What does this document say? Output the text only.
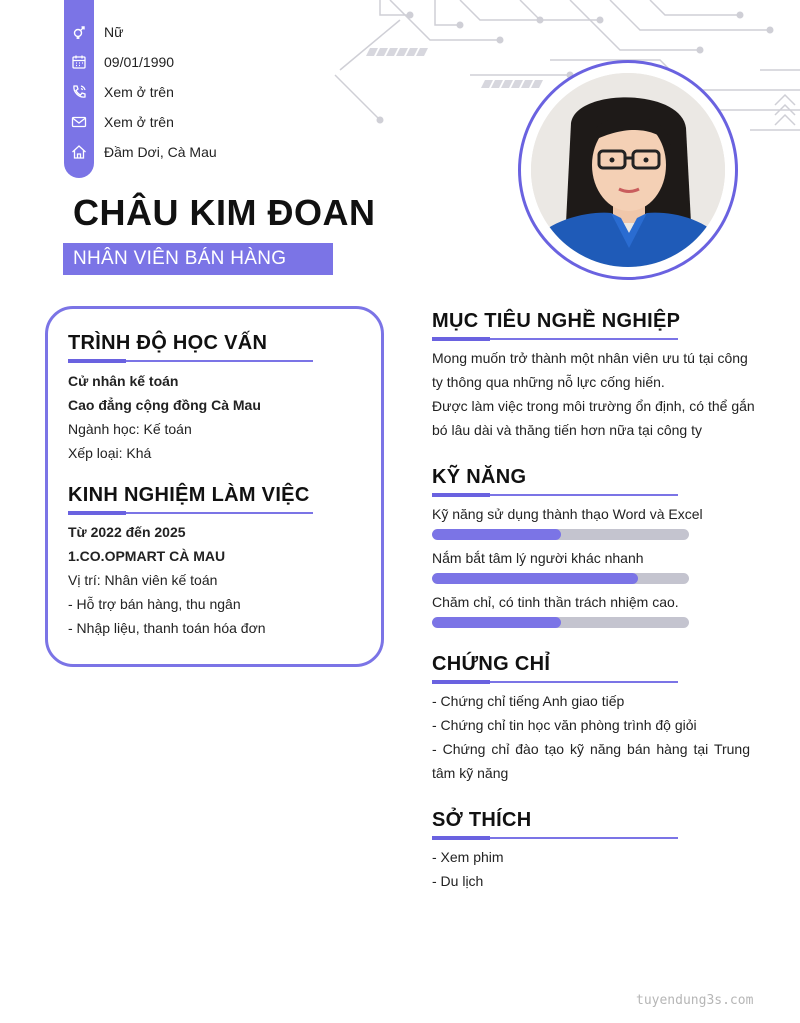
Nữ
09/01/1990
Xem ở trên
Xem ở trên
Đầm Dơi, Cà Mau
CHÂU KIM ĐOAN
NHÂN VIÊN BÁN HÀNG
TRÌNH ĐỘ HỌC VẤN
Cử nhân kế toán
Cao đẳng cộng đồng Cà Mau
Ngành học: Kế toán
Xếp loại: Khá
KINH NGHIỆM LÀM VIỆC
Từ 2022 đến 2025
1.CO.OPMART CÀ MAU
Vị trí: Nhân viên kế toán
- Hỗ trợ bán hàng, thu ngân
- Nhập liệu, thanh toán hóa đơn
MỤC TIÊU NGHỀ NGHIỆP
Mong muốn trở thành một nhân viên ưu tú tại công
ty thông qua những nỗ lực cống hiến.
Được làm việc trong môi trường ổn định, có thể gắn
bó lâu dài và thăng tiến hơn nữa tại công ty
KỸ NĂNG
Kỹ năng sử dụng thành thạo Word và Excel
Nắm bắt tâm lý người khác nhanh
Chăm chỉ, có tinh thần trách nhiệm cao.
CHỨNG CHỈ
- Chứng chỉ tiếng Anh giao tiếp
- Chứng chỉ tin học văn phòng trình độ giỏi
- Chứng chỉ đào tạo kỹ năng bán hàng tại Trung
tâm kỹ năng
SỞ THÍCH
- Xem phim
- Du lịch
tuyendung3s.com
